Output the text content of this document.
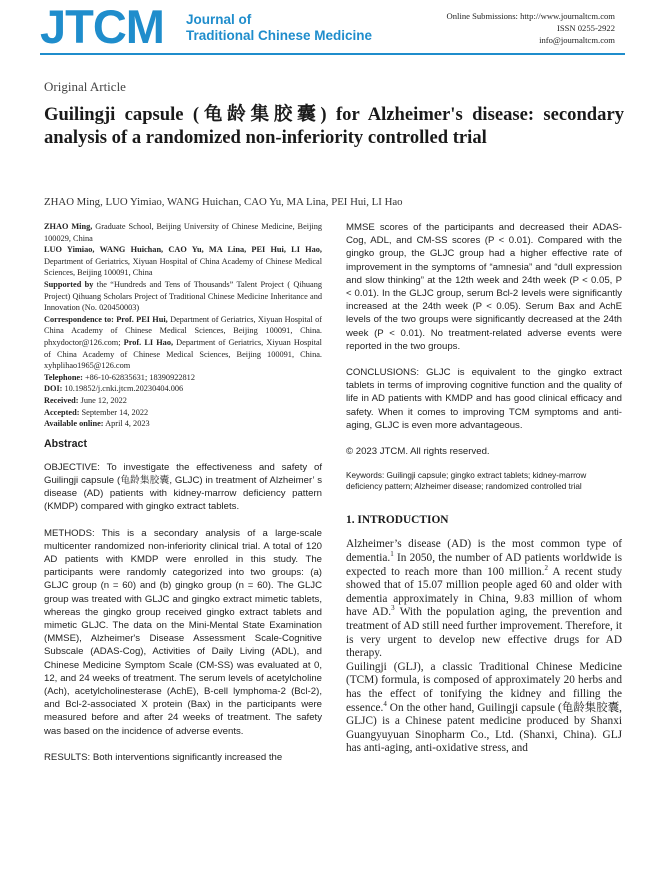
JTCM Journal of
Traditional Chinese Medicine
Online Submissions: http://www.journaltcm.com
ISSN 0255-2922
info@journaltcm.com
Original Article
Guilingji capsule (龟龄集胶囊) for Alzheimer's disease: secondary analysis of a randomized non-inferiority controlled trial
ZHAO Ming, LUO Yimiao, WANG Huichan, CAO Yu, MA Lina, PEI Hui, LI Hao

ZHAO Ming, Graduate School, Beijing University of Chinese Medicine, Beijing 100029, China

LUO Yimiao, WANG Huichan, CAO Yu, MA Lina, PEI Hui, LI Hao, Department of Geriatrics, Xiyuan Hospital of China Academy of Chinese Medical Sciences, Beijing 100091, China

Supported by the “Hundreds and Tens of Thousands” Talent Project ( Qihuang Project) Qihuang Scholars Project of Traditional Chinese Medicine Inheritance and Innovation (No. 020450003)

Correspondence to: Prof. PEI Hui, Department of Geriatrics, Xiyuan Hospital of China Academy of Chinese Medical Sciences, Beijing 100091, China. phxydoctor@126.com; Prof. LI Hao, Department of Geriatrics, Xiyuan Hospital of China Academy of Chinese Medical Sciences, Beijing 100091, China. xyhplihao1965@126.com

Telephone: +86-10-62835631; 18390922812

DOI: 10.19852/j.cnki.jtcm.20230404.006

Received: June 12, 2022

Accepted: September 14, 2022

Available online: April 4, 2023

Abstract
OBJECTIVE: To investigate the effectiveness and safety of Guilingji capsule (龟龄集胶囊, GLJC) in treatment of Alzheimer’ s disease (AD) patients with kidney-marrow deficiency pattern (KMDP) compared with gingko extract tablets.
METHODS: This is a secondary analysis of a large-scale multicenter randomized non-inferiority clinical trial. A total of 120 AD patients with KMDP were enrolled in this study. The participants were randomly categorized into two groups: (a) GLJC group (n = 60) and (b) gingko group (n = 60). The GLJC group was treated with GLJC and gingko extract mimetic tablets, whereas the gingko group received gingko extract tablets and mimetic GLJC. The data on the Mini-Mental State Examination (MMSE), Alzheimer's Disease Assessment Scale-Cognitive Subscale (ADAS-Cog), Activities of Daily Living (ADL), and Chinese Medicine Symptom Scale (CM-SS) was evaluated at 0, 12, and 24 weeks of treatment. The serum levels of acetylcholine (Ach), acetylcholinesterase (AchE), B-cell lymphoma-2 (Bcl-2), and Bcl-2-associated X protein (Bax) in the participants were measured before and after 24 weeks of treatment. The safety was based on the incidence of adverse events.
RESULTS: Both interventions significantly increased the
MMSE scores of the participants and decreased their ADAS-Cog, ADL, and CM-SS scores (P < 0.01). Compared with the gingko group, the GLJC group had a higher effective rate of improvement in the symptoms of “amnesia” and “dull expression and slow thinking” at the 12th week and 24th week (P < 0.05, P < 0.01). In the GLJC group, serum Bcl-2 levels were significantly increased at the 24th week (P < 0.05). Serum Bax and AchE levels of the two groups were significantly decreased at the 24th week (P < 0.01). No treatment-related adverse events were reported in the two groups.
CONCLUSIONS: GLJC is equivalent to the gingko extract tablets in terms of improving cognitive function and the quality of life in AD patients with KMDP and has good clinical efficacy and safety. When it comes to improving TCM symptoms and anti-aging, GLJC is even more advantageous.
© 2023 JTCM. All rights reserved.
Keywords: Guilingji capsule; gingko extract tablets; kidney-marrow deficiency pattern; Alzheimer disease; randomized controlled trial
1. INTRODUCTION
Alzheimer’s disease (AD) is the most common type of dementia.$^1$ In 2050, the number of AD patients worldwide is expected to reach more than 100 million.$^2$ A recent study showed that of 15.07 million people aged 60 and older with dementia approximately in China, 9.83 million of whom have AD.$^3$ With the population aging, the prevention and treatment of AD still need further improvement. Therefore, it is very urgent to develop new effective drugs for AD therapy.
Guilingji (GLJ), a classic Traditional Chinese Medicine (TCM) formula, is composed of approximately 20 herbs and has the effect of tonifying the kidney and filling the essence.$^4$ On the other hand, Guilingji capsule (龟龄集胶囊, GLJC) is a Chinese patent medicine produced by Shanxi Guangyuyuan Sinopharm Co., Ltd. (Shanxi, China). GLJ has anti-aging, anti-oxidative stress, and
